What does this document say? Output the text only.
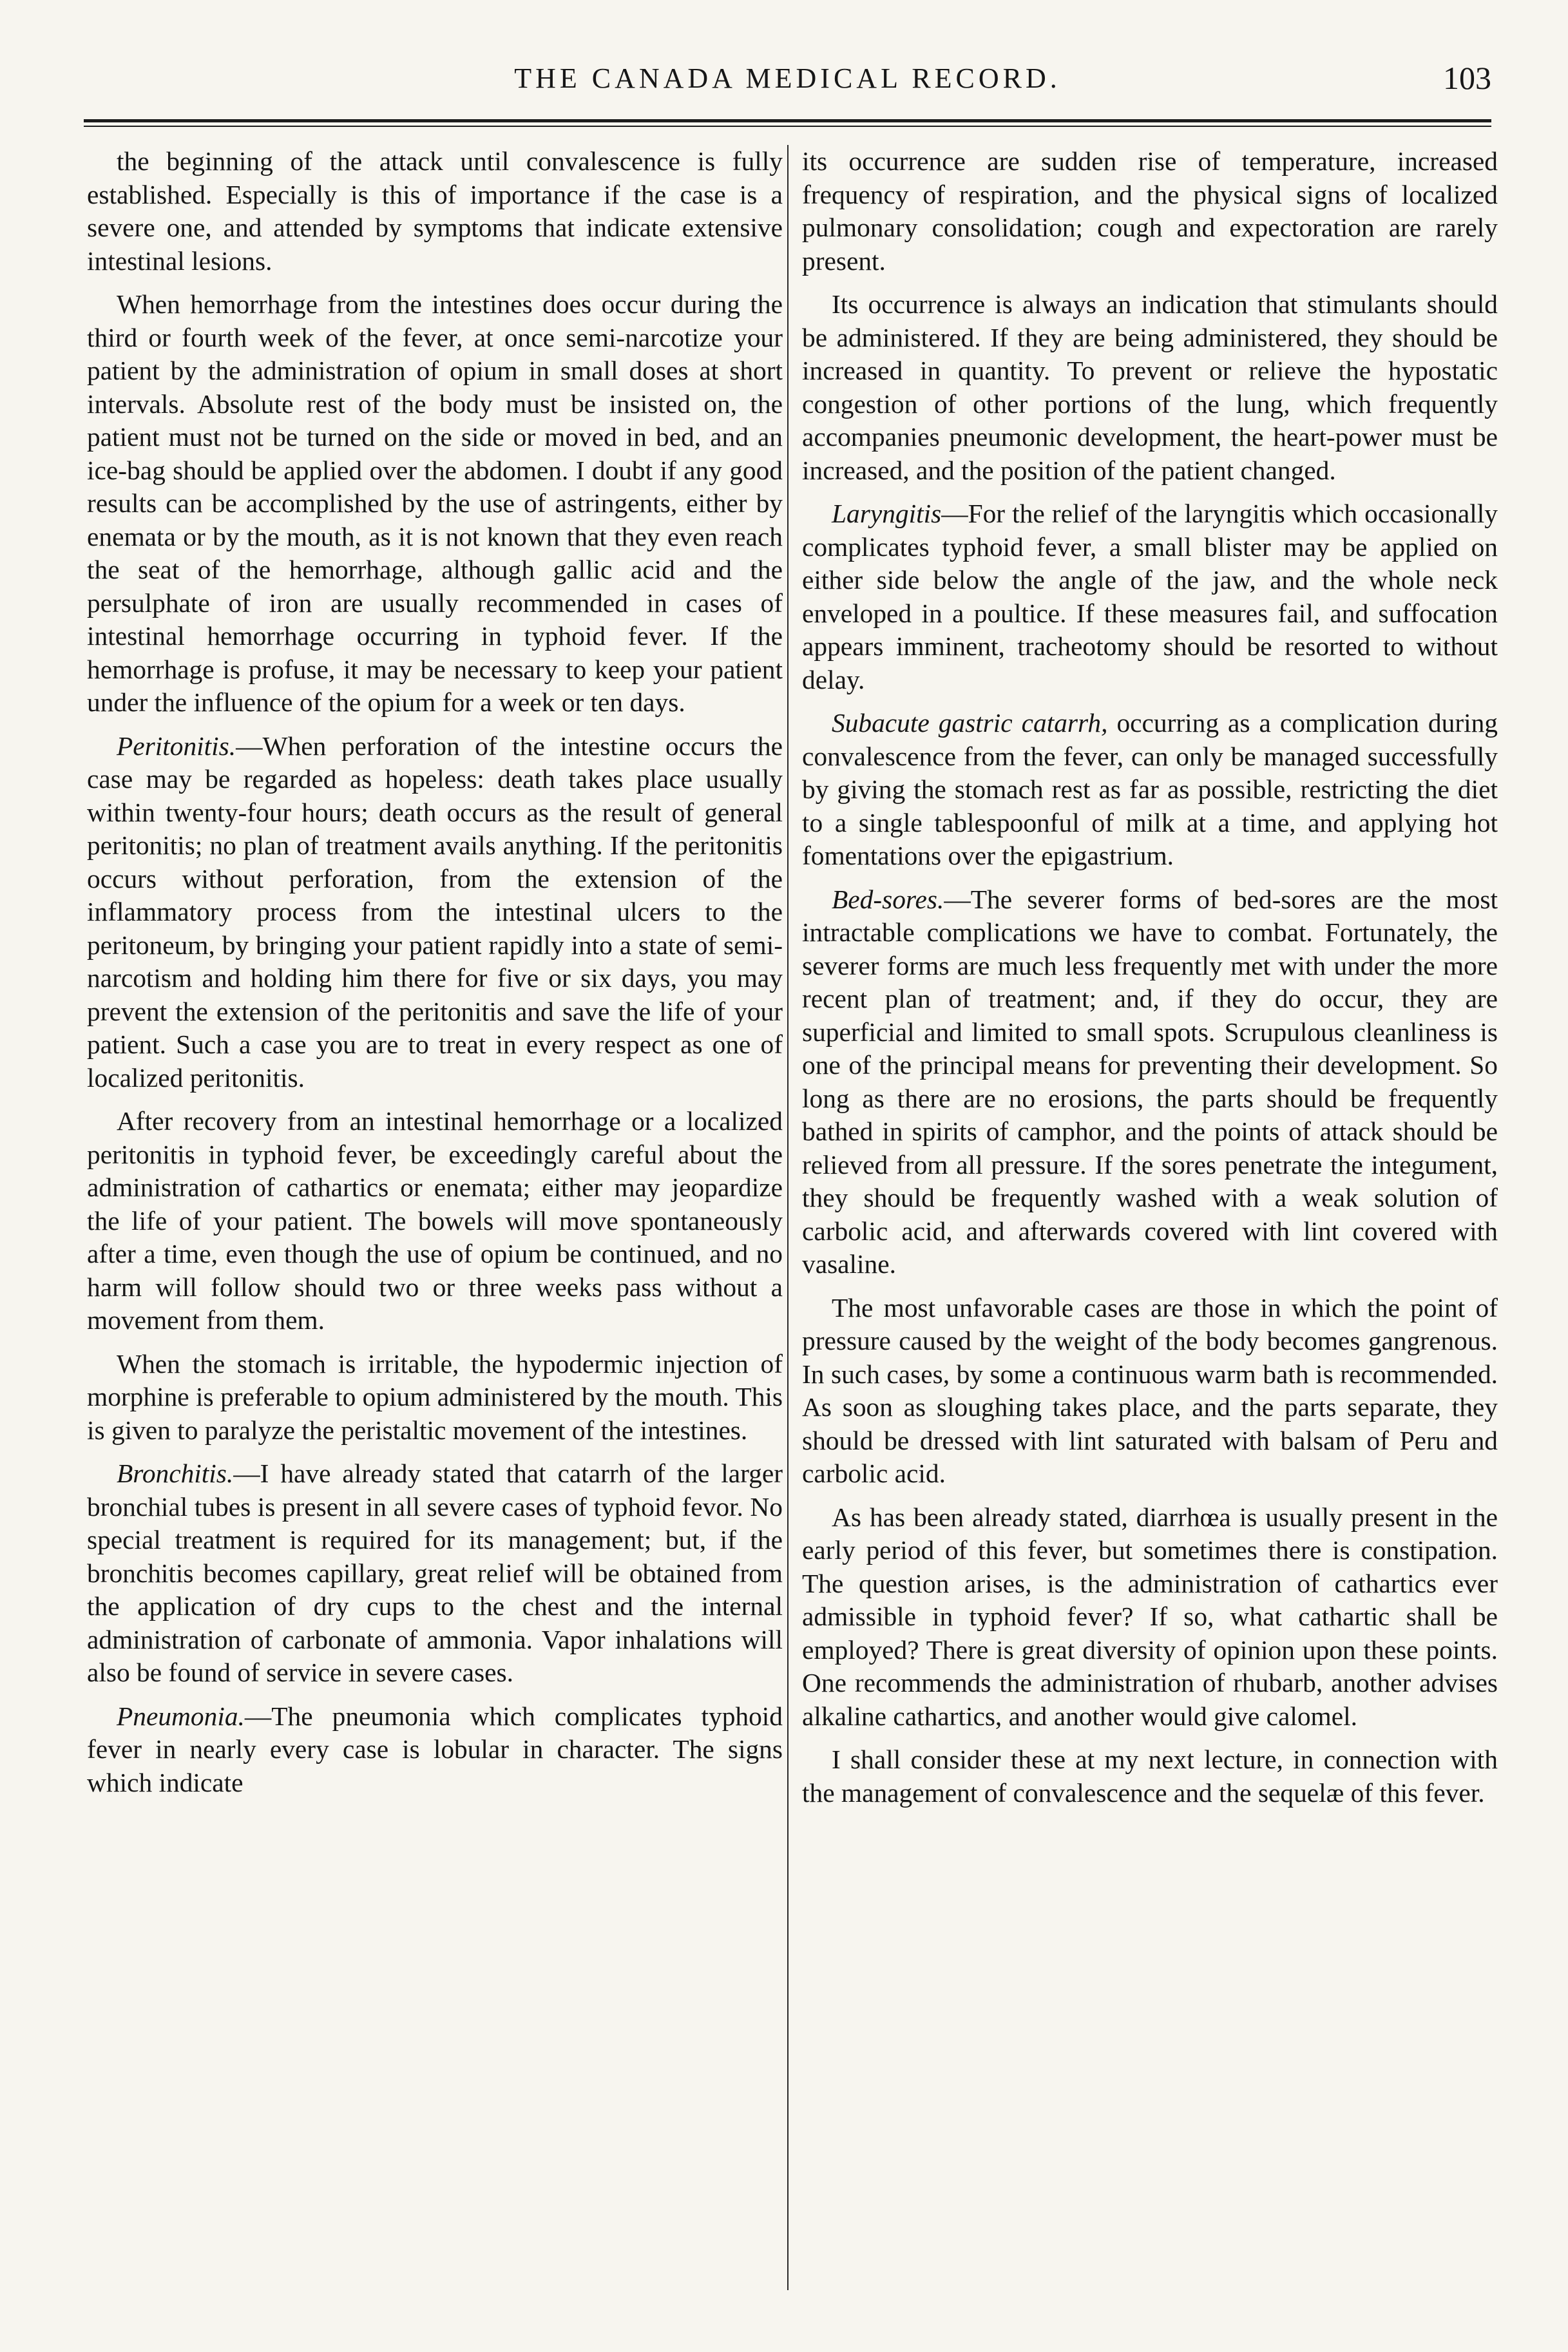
THE CANADA MEDICAL RECORD.	103

the beginning of the attack until convalescence is fully established. Especially is this of importance if the case is a severe one, and attended by symptoms that indicate extensive intestinal lesions.

When hemorrhage from the intestines does occur during the third or fourth week of the fever, at once semi-narcotize your patient by the administration of opium in small doses at short intervals. Absolute rest of the body must be insisted on, the patient must not be turned on the side or moved in bed, and an ice-bag should be applied over the abdomen. I doubt if any good results can be accomplished by the use of astringents, either by enemata or by the mouth, as it is not known that they even reach the seat of the hemorrhage, although gallic acid and the persulphate of iron are usually recommended in cases of intestinal hemorrhage occurring in typhoid fever. If the hemorrhage is profuse, it may be necessary to keep your patient under the influence of the opium for a week or ten days.

Peritonitis.—When perforation of the intestine occurs the case may be regarded as hopeless: death takes place usually within twenty-four hours; death occurs as the result of general peritonitis; no plan of treatment avails anything. If the peritonitis occurs without perforation, from the extension of the inflammatory process from the intestinal ulcers to the peritoneum, by bringing your patient rapidly into a state of semi-narcotism and holding him there for five or six days, you may prevent the extension of the peritonitis and save the life of your patient. Such a case you are to treat in every respect as one of localized peritonitis.

After recovery from an intestinal hemorrhage or a localized peritonitis in typhoid fever, be exceedingly careful about the administration of cathartics or enemata; either may jeopardize the life of your patient. The bowels will move spontaneously after a time, even though the use of opium be continued, and no harm will follow should two or three weeks pass without a movement from them.

When the stomach is irritable, the hypodermic injection of morphine is preferable to opium administered by the mouth. This is given to paralyze the peristaltic movement of the intestines.

Bronchitis.—I have already stated that catarrh of the larger bronchial tubes is present in all severe cases of typhoid fevor. No special treatment is required for its management; but, if the bronchitis becomes capillary, great relief will be obtained from the application of dry cups to the chest and the internal administration of carbonate of ammonia. Vapor inhalations will also be found of service in severe cases.

Pneumonia.—The pneumonia which complicates typhoid fever in nearly every case is lobular in character. The signs which indicate

its occurrence are sudden rise of temperature, increased frequency of respiration, and the physical signs of localized pulmonary consolidation; cough and expectoration are rarely present.

Its occurrence is always an indication that stimulants should be administered. If they are being administered, they should be increased in quantity. To prevent or relieve the hypostatic congestion of other portions of the lung, which frequently accompanies pneumonic development, the heart-power must be increased, and the position of the patient changed.

Laryngitis—For the relief of the laryngitis which occasionally complicates typhoid fever, a small blister may be applied on either side below the angle of the jaw, and the whole neck enveloped in a poultice. If these measures fail, and suffocation appears imminent, tracheotomy should be resorted to without delay.

Subacute gastric catarrh, occurring as a complication during convalescence from the fever, can only be managed successfully by giving the stomach rest as far as possible, restricting the diet to a single tablespoonful of milk at a time, and applying hot fomentations over the epigastrium.

Bed-sores.—The severer forms of bed-sores are the most intractable complications we have to combat. Fortunately, the severer forms are much less frequently met with under the more recent plan of treatment; and, if they do occur, they are superficial and limited to small spots. Scrupulous cleanliness is one of the principal means for preventing their development. So long as there are no erosions, the parts should be frequently bathed in spirits of camphor, and the points of attack should be relieved from all pressure. If the sores penetrate the integument, they should be frequently washed with a weak solution of carbolic acid, and afterwards covered with lint covered with vasaline.

The most unfavorable cases are those in which the point of pressure caused by the weight of the body becomes gangrenous. In such cases, by some a continuous warm bath is recommended. As soon as sloughing takes place, and the parts separate, they should be dressed with lint saturated with balsam of Peru and carbolic acid.

As has been already stated, diarrhœa is usually present in the early period of this fever, but sometimes there is constipation. The question arises, is the administration of cathartics ever admissible in typhoid fever? If so, what cathartic shall be employed? There is great diversity of opinion upon these points. One recommends the administration of rhubarb, another advises alkaline cathartics, and another would give calomel.

I shall consider these at my next lecture, in connection with the management of convalescence and the sequelæ of this fever.
